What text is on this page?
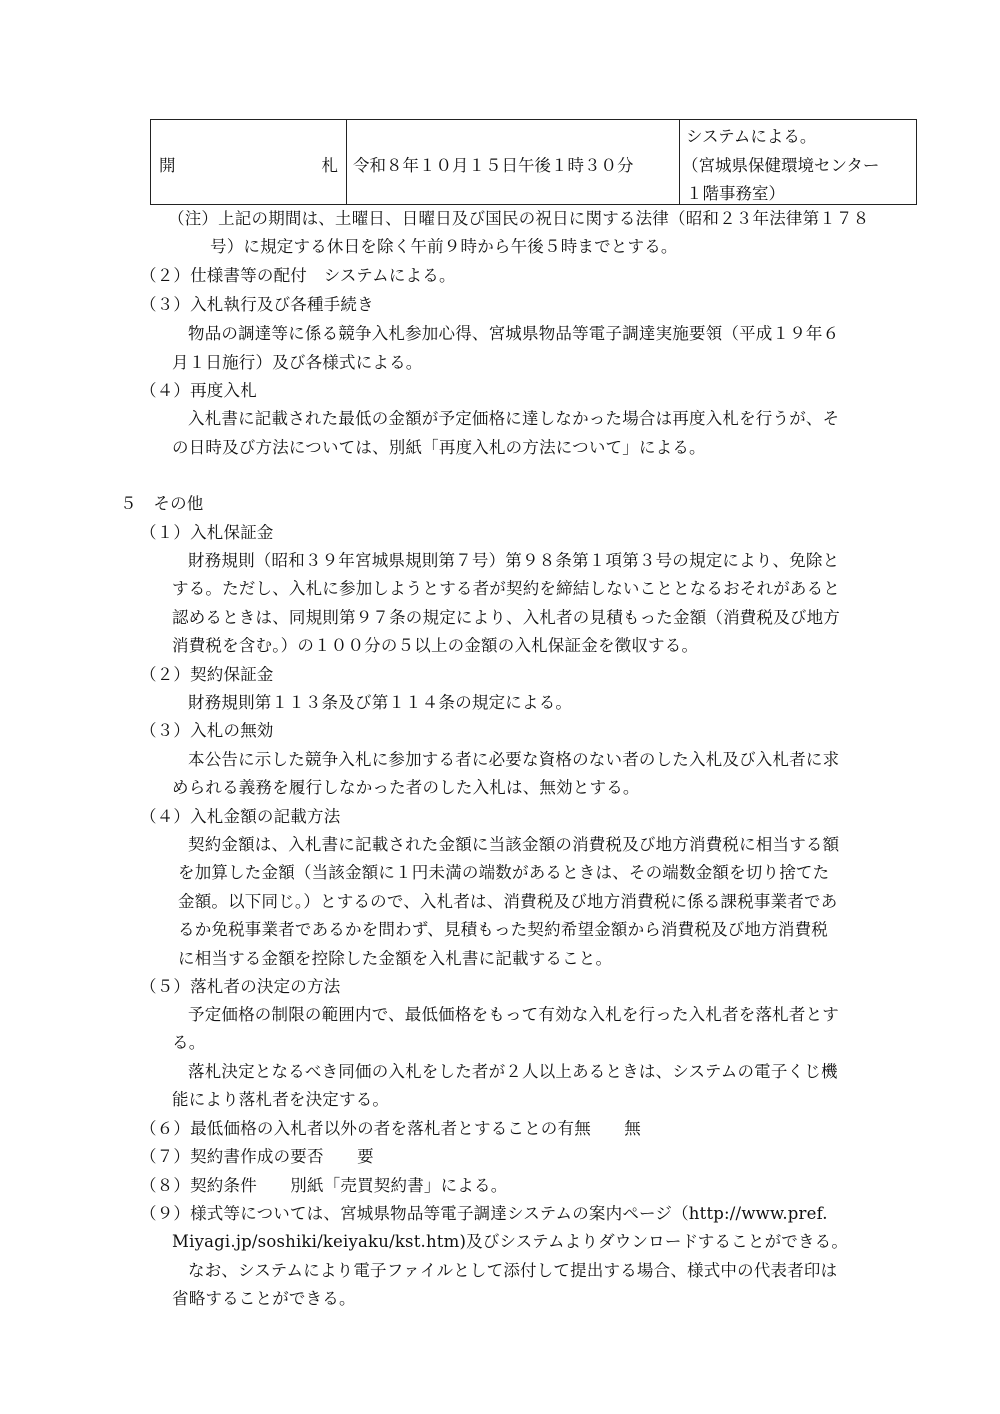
開	札 令和８年１０月１５日午後１時３０分
システムによる。
（宮城県保健環境センター
１階事務室）
（注）上記の期間は、土曜日、日曜日及び国民の祝日に関する法律（昭和２３年法律第１７８
号）に規定する休日を除く午前９時から午後５時までとする。
（２）仕様書等の配付　システムによる。
（３）入札執行及び各種手続き
物品の調達等に係る競争入札参加心得、宮城県物品等電子調達実施要領（平成１９年６
月１日施行）及び各様式による。
（４）再度入札
入札書に記載された最低の金額が予定価格に達しなかった場合は再度入札を行うが、そ
の日時及び方法については、別紙「再度入札の方法について」による。
５　その他
（１）入札保証金
財務規則（昭和３９年宮城県規則第７号）第９８条第１項第３号の規定により、免除と
する。ただし、入札に参加しようとする者が契約を締結しないこととなるおそれがあると
認めるときは、同規則第９７条の規定により、入札者の見積もった金額（消費税及び地方
消費税を含む。）の１００分の５以上の金額の入札保証金を徴収する。
（２）契約保証金
財務規則第１１３条及び第１１４条の規定による。
（３）入札の無効
本公告に示した競争入札に参加する者に必要な資格のない者のした入札及び入札者に求
められる義務を履行しなかった者のした入札は、無効とする。
（４）入札金額の記載方法
契約金額は、入札書に記載された金額に当該金額の消費税及び地方消費税に相当する額
を加算した金額（当該金額に１円未満の端数があるときは、その端数金額を切り捨てた
金額。以下同じ。）とするので、入札者は、消費税及び地方消費税に係る課税事業者であ
るか免税事業者であるかを問わず、見積もった契約希望金額から消費税及び地方消費税
に相当する金額を控除した金額を入札書に記載すること。
（５）落札者の決定の方法
予定価格の制限の範囲内で、最低価格をもって有効な入札を行った入札者を落札者とす
る。
落札決定となるべき同価の入札をした者が２人以上あるときは、システムの電子くじ機
能により落札者を決定する。
（６）最低価格の入札者以外の者を落札者とすることの有無　　無
（７）契約書作成の要否　　要
（８）契約条件　　別紙「売買契約書」による。
（９）様式等については、宮城県物品等電子調達システムの案内ページ（http://www.pref.
Miyagi.jp/soshiki/keiyaku/kst.htm)及びシステムよりダウンロードすることができる。
なお、システムにより電子ファイルとして添付して提出する場合、様式中の代表者印は
省略することができる。
